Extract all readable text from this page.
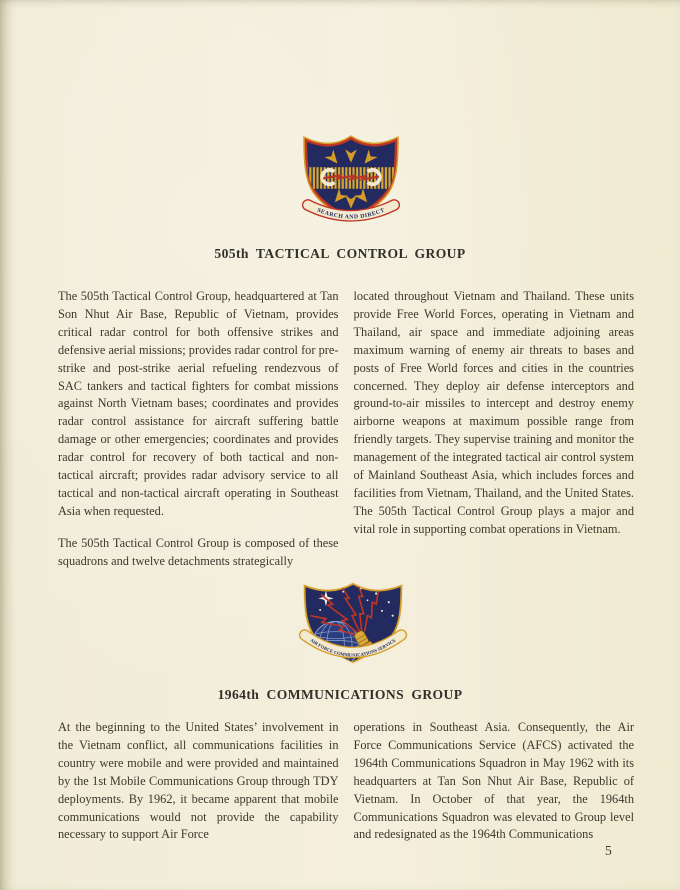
SEARCH AND DIRECT
505th TACTICAL CONTROL GROUP

The 505th Tactical Control Group, headquartered at Tan Son Nhut Air Base, Republic of Vietnam, provides critical radar control for both offensive strikes and defensive aerial missions; provides radar control for pre-strike and post-strike aerial refueling rendezvous of SAC tankers and tactical fighters for combat missions against North Vietnam bases; coordinates and provides radar control assistance for aircraft suffering battle damage or other emergencies; coordinates and provides radar control for recovery of both tactical and non-tactical aircraft; provides radar advisory service to all tactical and non-tactical aircraft operating in Southeast Asia when requested.

The 505th Tactical Control Group is composed of these squadrons and twelve detachments strategically

located throughout Vietnam and Thailand. These units provide Free World Forces, operating in Vietnam and Thailand, air space and immediate adjoining areas maximum warning of enemy air threats to bases and posts of Free World forces and cities in the countries concerned. They deploy air defense interceptors and ground-to-air missiles to intercept and destroy enemy airborne weapons at maximum possible range from friendly targets. They supervise training and monitor the management of the integrated tactical air control system of Mainland Southeast Asia, which includes forces and facilities from Vietnam, Thailand, and the United States. The 505th Tactical Control Group plays a major and vital role in supporting combat operations in Vietnam.

AIR FORCE COMMUNICATIONS SERVICE
1964th COMMUNICATIONS GROUP

At the beginning to the United States’ involvement in the Vietnam conflict, all communications facilities in country were mobile and were provided and maintained by the 1st Mobile Communications Group through TDY deployments. By 1962, it became apparent that mobile communications would not provide the capability necessary to support Air Force

operations in Southeast Asia. Consequently, the Air Force Communications Service (AFCS) activated the 1964th Communications Squadron in May 1962 with its headquarters at Tan Son Nhut Air Base, Republic of Vietnam. In October of that year, the 1964th Communications Squadron was elevated to Group level and redesignated as the 1964th Communications

5
